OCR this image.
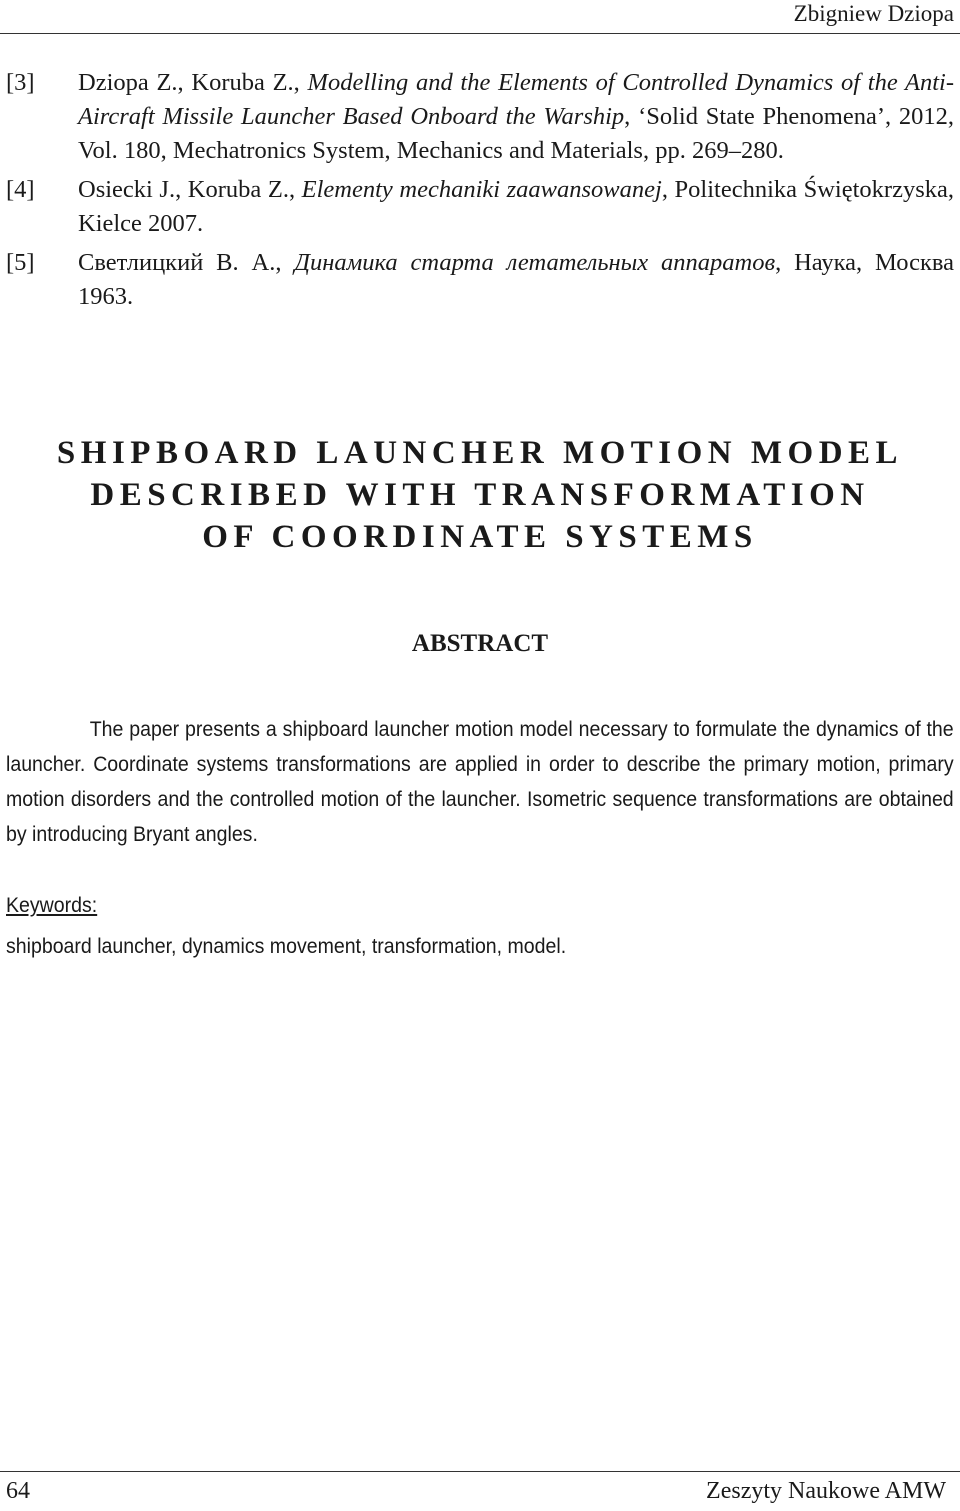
Zbigniew Dziopa
[3]	Dziopa Z., Koruba Z., Modelling and the Elements of Controlled Dynamics of the Anti-Aircraft Missile Launcher Based Onboard the Warship, ‘Solid State Phenomena’, 2012, Vol. 180, Mechatronics System, Mechanics and Materials, pp. 269–280.
[4]	Osiecki J., Koruba Z., Elementy mechaniki zaawansowanej, Politechnika Świętokrzyska, Kielce 2007.
[5]	Светлицкий В. А., Динамика старта летательных аппаратов, Наука, Москва 1963.
SHIPBOARD LAUNCHER MOTION MODEL
DESCRIBED WITH TRANSFORMATION
OF COORDINATE SYSTEMS
ABSTRACT
The paper presents a shipboard launcher motion model necessary to formulate the dynamics of the launcher. Coordinate systems transformations are applied in order to describe the primary motion, primary motion disorders and the controlled motion of the launcher. Isometric sequence transformations are obtained by introducing Bryant angles.
Keywords:
shipboard launcher, dynamics movement, transformation, model.
64	Zeszyty Naukowe AMW
